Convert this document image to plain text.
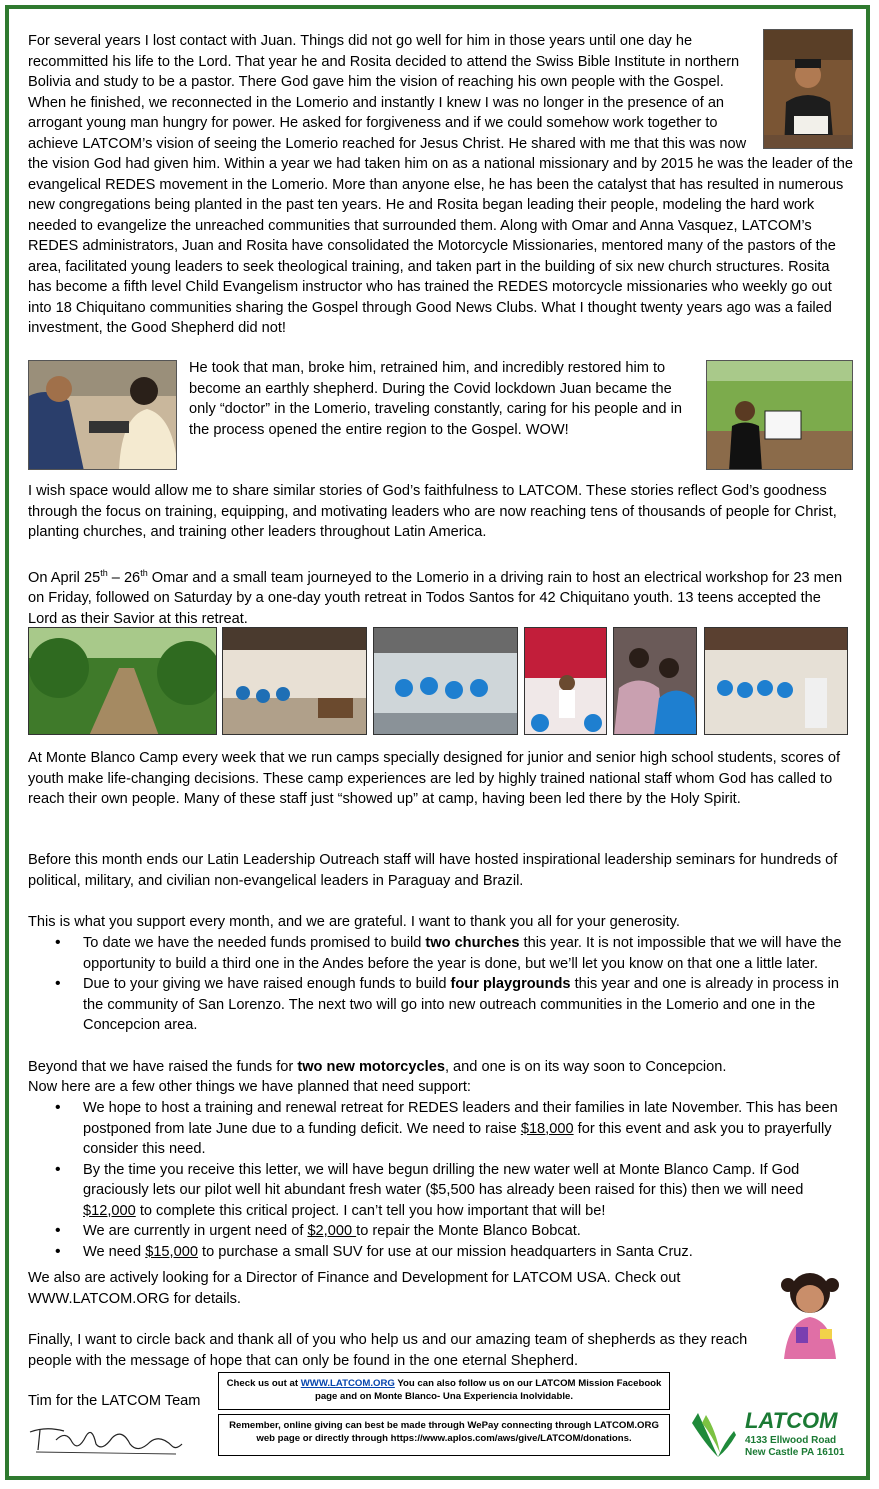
For several years I lost contact with Juan. Things did not go well for him in those years until one day he recommitted his life to the Lord. That year he and Rosita decided to attend the Swiss Bible Institute in northern Bolivia and study to be a pastor. There God gave him the vision of reaching his own people with the Gospel. When he finished, we reconnected in the Lomerio and instantly I knew I was no longer in the presence of an arrogant young man hungry for power. He asked for forgiveness and if we could somehow work together to achieve LATCOM’s vision of seeing the Lomerio reached for Jesus Christ. He shared with me that this was now the vision God had given him. Within a year we had taken him on as a national missionary and by 2015 he was the leader of the evangelical REDES movement in the Lomerio. More than anyone else, he has been the catalyst that has resulted in numerous new congregations being planted in the past ten years. He and Rosita began leading their people, modeling the hard work needed to evangelize the unreached communities that surrounded them. Along with Omar and Anna Vasquez, LATCOM’s REDES administrators, Juan and Rosita have consolidated the Motorcycle Missionaries, mentored many of the pastors of the area, facilitated young leaders to seek theological training, and taken part in the building of six new church structures. Rosita has become a fifth level Child Evangelism instructor who has trained the REDES motorcycle missionaries who weekly go out into 18 Chiquitano communities sharing the Gospel through Good News Clubs. What I thought twenty years ago was a failed investment, the Good Shepherd did not!

He took that man, broke him, retrained him, and incredibly restored him to become an earthly shepherd. During the Covid lockdown Juan became the only “doctor” in the Lomerio, traveling constantly, caring for his people and in the process opened the entire region to the Gospel. WOW!

I wish space would allow me to share similar stories of God’s faithfulness to LATCOM. These stories reflect God’s goodness through the focus on training, equipping, and motivating leaders who are now reaching tens of thousands of people for Christ, planting churches, and training other leaders throughout Latin America.

On April 25th – 26th Omar and a small team journeyed to the Lomerio in a driving rain to host an electrical workshop for 23 men on Friday, followed on Saturday by a one-day youth retreat in Todos Santos for 42 Chiquitano youth. 13 teens accepted the Lord as their Savior at this retreat.

At Monte Blanco Camp every week that we run camps specially designed for junior and senior high school students, scores of youth make life-changing decisions. These camp experiences are led by highly trained national staff whom God has called to reach their own people. Many of these staff just “showed up” at camp, having been led there by the Holy Spirit.

Before this month ends our Latin Leadership Outreach staff will have hosted inspirational leadership seminars for hundreds of political, military, and civilian non-evangelical leaders in Paraguay and Brazil.

This is what you support every month, and we are grateful. I want to thank you all for your generosity.

• To date we have the needed funds promised to build two churches this year. It is not impossible that we will have the opportunity to build a third one in the Andes before the year is done, but we’ll let you know on that one a little later.
• Due to your giving we have raised enough funds to build four playgrounds this year and one is already in process in the community of San Lorenzo. The next two will go into new outreach communities in the Lomerio and one in the Concepcion area.

Beyond that we have raised the funds for two new motorcycles, and one is on its way soon to Concepcion.

Now here are a few other things we have planned that need support:

• We hope to host a training and renewal retreat for REDES leaders and their families in late November. This has been postponed from late June due to a funding deficit. We need to raise $18,000 for this event and ask you to prayerfully consider this need.
• By the time you receive this letter, we will have begun drilling the new water well at Monte Blanco Camp. If God graciously lets our pilot well hit abundant fresh water ($5,500 has already been raised for this) then we will need $12,000 to complete this critical project. I can’t tell you how important that will be!
• We are currently in urgent need of $2,000 to repair the Monte Blanco Bobcat.
• We need $15,000 to purchase a small SUV for use at our mission headquarters in Santa Cruz.

We also are actively looking for a Director of Finance and Development for LATCOM USA. Check out WWW.LATCOM.ORG for details.

Finally, I want to circle back and thank all of you who help us and our amazing team of shepherds as they reach people with the message of hope that can only be found in the one eternal Shepherd.

Tim for the LATCOM Team
Check us out at WWW.LATCOM.ORG You can also follow us on our LATCOM Mission Facebook page and on Monte Blanco- Una Experiencia Inolvidable.
Remember, online giving can best be made through WePay connecting through LATCOM.ORG web page or directly through https://www.aplos.com/aws/give/LATCOM/donations.
LATCOM
4133 Ellwood Road
New Castle PA 16101
